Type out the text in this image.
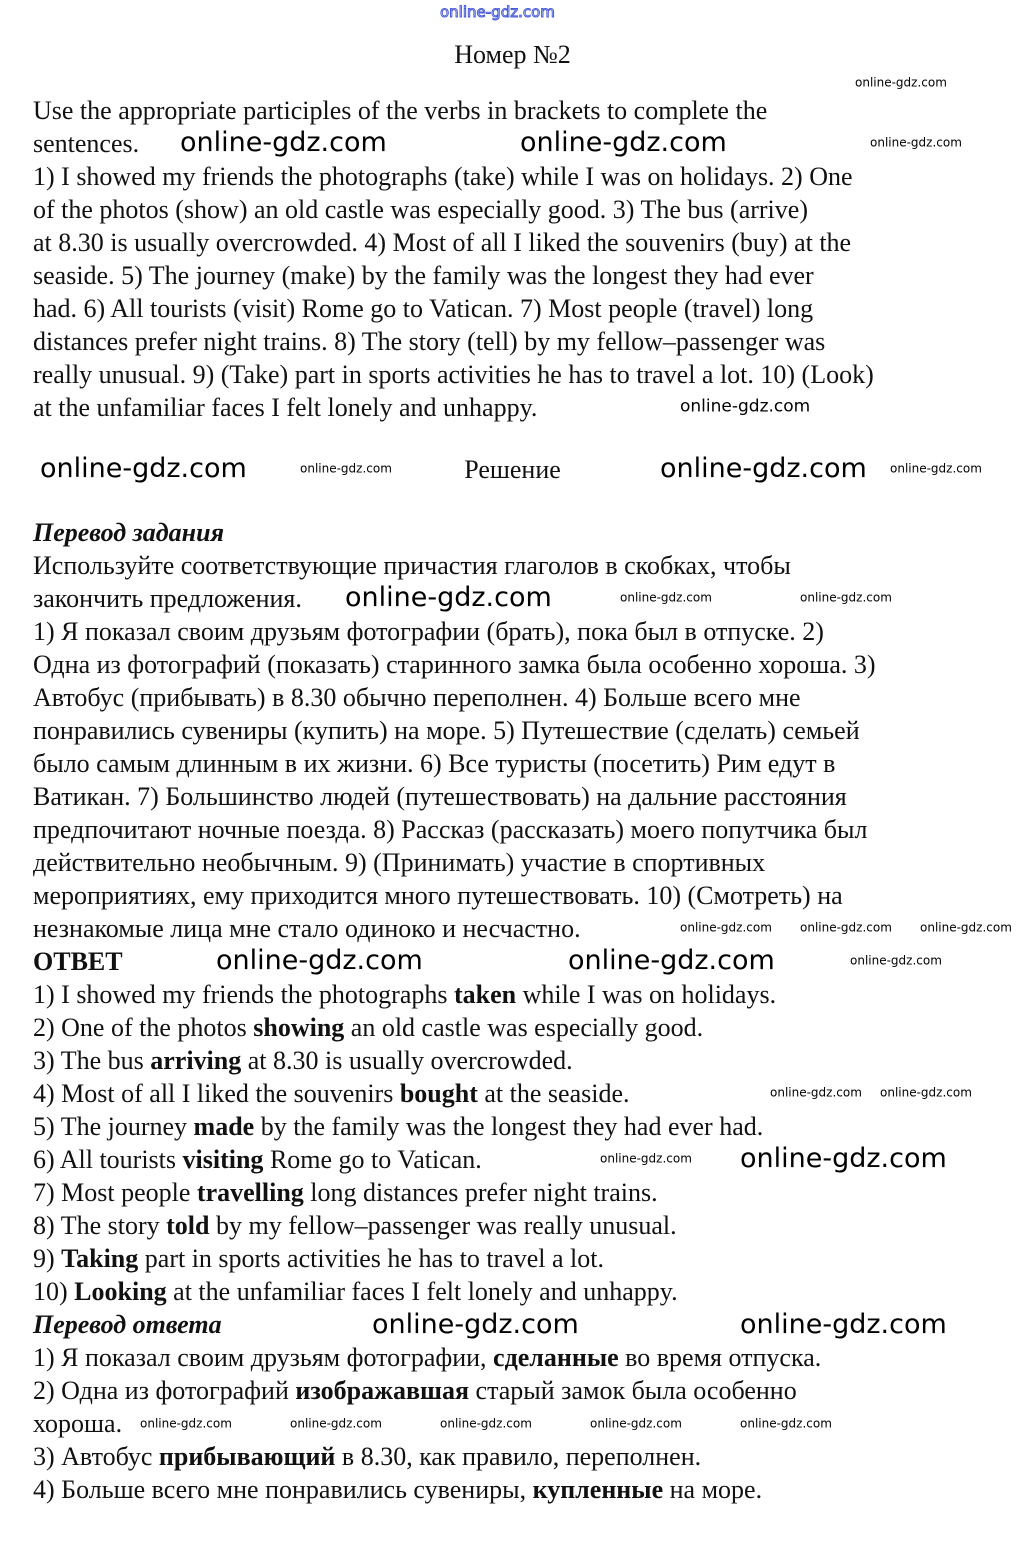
Номер №2
Use the appropriate participles of the verbs in brackets to complete the
sentences.
1) I showed my friends the photographs (take) while I was on holidays. 2) One
of the photos (show) an old castle was especially good. 3) The bus (arrive)
at 8.30 is usually overcrowded. 4) Most of all I liked the souvenirs (buy) at the
seaside. 5) The journey (make) by the family was the longest they had ever
had. 6) All tourists (visit) Rome go to Vatican. 7) Most people (travel) long
distances prefer night trains. 8) The story (tell) by my fellow–passenger was
really unusual. 9) (Take) part in sports activities he has to travel a lot. 10) (Look)
at the unfamiliar faces I felt lonely and unhappy.
Решение
Перевод задания
Используйте соответствующие причастия глаголов в скобках, чтобы
закончить предложения.
1) Я показал своим друзьям фотографии (брать), пока был в отпуске. 2)
Одна из фотографий (показать) старинного замка была особенно хороша. 3)
Автобус (прибывать) в 8.30 обычно переполнен. 4) Больше всего мне
понравились сувениры (купить) на море. 5) Путешествие (сделать) семьей
было самым длинным в их жизни. 6) Все туристы (посетить) Рим едут в
Ватикан. 7) Большинство людей (путешествовать) на дальние расстояния
предпочитают ночные поезда. 8) Рассказ (рассказать) моего попутчика был
действительно необычным. 9) (Принимать) участие в спортивных
мероприятиях, ему приходится много путешествовать. 10) (Смотреть) на
незнакомые лица мне стало одиноко и несчастно.
ОТВЕТ
1) I showed my friends the photographs taken while I was on holidays.
2) One of the photos showing an old castle was especially good.
3) The bus arriving at 8.30 is usually overcrowded.
4) Most of all I liked the souvenirs bought at the seaside.
5) The journey made by the family was the longest they had ever had.
6) All tourists visiting Rome go to Vatican.
7) Most people travelling long distances prefer night trains.
8) The story told by my fellow–passenger was really unusual.
9) Taking part in sports activities he has to travel a lot.
10) Looking at the unfamiliar faces I felt lonely and unhappy.
Перевод ответа
1) Я показал своим друзьям фотографии, сделанные во время отпуска.
2) Одна из фотографий изображавшая старый замок была особенно
хороша.
3) Автобус прибывающий в 8.30, как правило, переполнен.
4) Больше всего мне понравились сувениры, купленные на море.
online-gdz.com
online-gdz.com	online-gdz.com	online-gdz.com
online-gdz.com
online-gdz.com
online-gdz.com	online-gdz.com	online-gdz.com online-gdz.com
online-gdz.com	online-gdz.com	online-gdz.com
online-gdz.com online-gdz.com online-gdz.com
online-gdz.com	online-gdz.com	online-gdz.com
online-gdz.com online-gdz.com
online-gdz.com online-gdz.com
online-gdz.com	online-gdz.com
online-gdz.com	online-gdz.com	online-gdz.com	online-gdz.com	online-gdz.com
